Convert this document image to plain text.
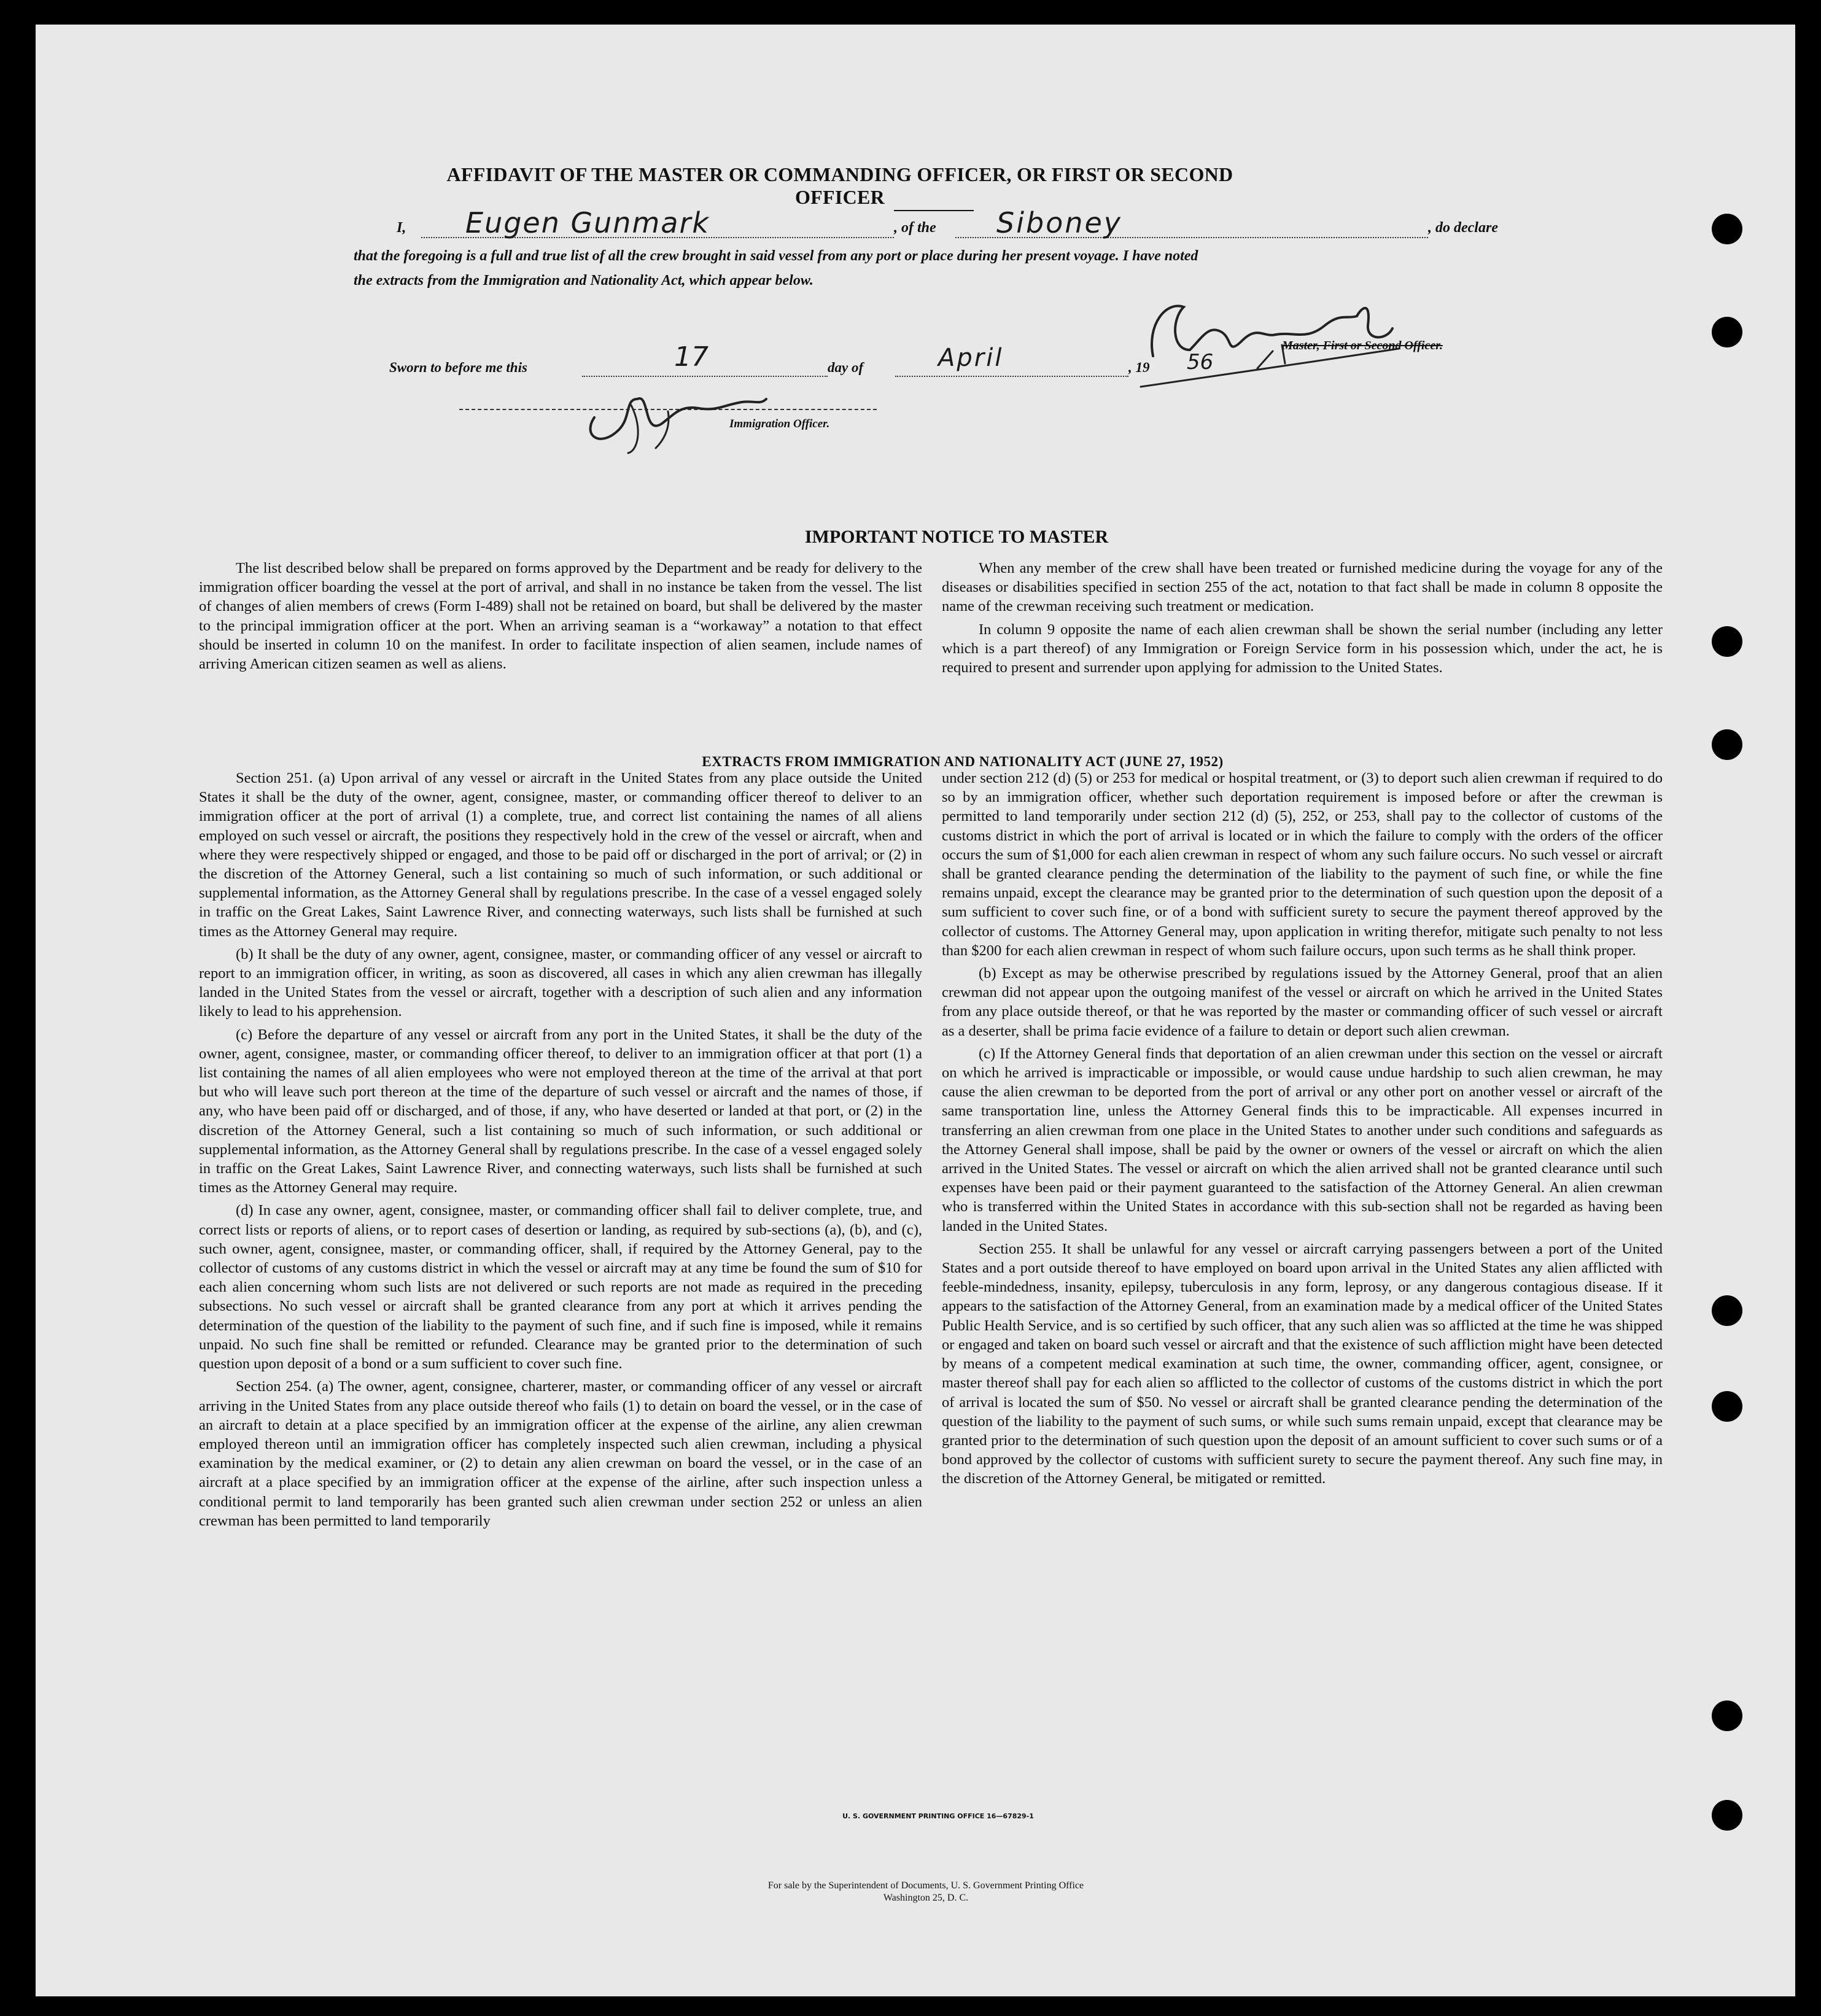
AFFIDAVIT OF THE MASTER OR COMMANDING OFFICER, OR FIRST OR SECOND OFFICER
I, Eugen Gunmark	, of the Siboney	, do declare
that the foregoing is a full and true list of all the crew brought in said vessel from any port or place during her present voyage. I have noted
the extracts from the Immigration and Nationality Act, which appear below.
Master, First or Second Officer.
Sworn to before me this	17	day of	April	, 19 56
Immigration Officer.
IMPORTANT NOTICE TO MASTER

The list described below shall be prepared on forms approved by the Department and be ready for delivery to the immigration officer boarding the vessel at the port of arrival, and shall in no instance be taken from the vessel. The list of changes of alien members of crews (Form I-489) shall not be retained on board, but shall be delivered by the master to the principal immigration officer at the port. When an arriving seaman is a “workaway” a notation to that effect should be inserted in column 10 on the manifest. In order to facilitate inspection of alien seamen, include names of arriving American citizen seamen as well as aliens.

When any member of the crew shall have been treated or furnished medicine during the voyage for any of the diseases or disabilities specified in section 255 of the act, notation to that fact shall be made in column 8 opposite the name of the crewman receiving such treatment or medication.

In column 9 opposite the name of each alien crewman shall be shown the serial number (including any letter which is a part thereof) of any Immigration or Foreign Service form in his possession which, under the act, he is required to present and surrender upon applying for admission to the United States.

EXTRACTS FROM IMMIGRATION AND NATIONALITY ACT (JUNE 27, 1952)

Section 251. (a) Upon arrival of any vessel or aircraft in the United States from any place outside the United States it shall be the duty of the owner, agent, consignee, master, or commanding officer thereof to deliver to an immigration officer at the port of arrival (1) a complete, true, and correct list containing the names of all aliens employed on such vessel or aircraft, the positions they respectively hold in the crew of the vessel or aircraft, when and where they were respectively shipped or engaged, and those to be paid off or discharged in the port of arrival; or (2) in the discretion of the Attorney General, such a list containing so much of such information, or such additional or supplemental information, as the Attorney General shall by regulations prescribe. In the case of a vessel engaged solely in traffic on the Great Lakes, Saint Lawrence River, and connecting waterways, such lists shall be furnished at such times as the Attorney General may require.

(b) It shall be the duty of any owner, agent, consignee, master, or commanding officer of any vessel or aircraft to report to an immigration officer, in writing, as soon as discovered, all cases in which any alien crewman has illegally landed in the United States from the vessel or aircraft, together with a description of such alien and any information likely to lead to his apprehension.

(c) Before the departure of any vessel or aircraft from any port in the United States, it shall be the duty of the owner, agent, consignee, master, or commanding officer thereof, to deliver to an immigration officer at that port (1) a list containing the names of all alien employees who were not employed thereon at the time of the arrival at that port but who will leave such port thereon at the time of the departure of such vessel or aircraft and the names of those, if any, who have been paid off or discharged, and of those, if any, who have deserted or landed at that port, or (2) in the discretion of the Attorney General, such a list containing so much of such information, or such additional or supplemental information, as the Attorney General shall by regulations prescribe. In the case of a vessel engaged solely in traffic on the Great Lakes, Saint Lawrence River, and connecting waterways, such lists shall be furnished at such times as the Attorney General may require.

(d) In case any owner, agent, consignee, master, or commanding officer shall fail to deliver complete, true, and correct lists or reports of aliens, or to report cases of desertion or landing, as required by sub-sections (a), (b), and (c), such owner, agent, consignee, master, or commanding officer, shall, if required by the Attorney General, pay to the collector of customs of any customs district in which the vessel or aircraft may at any time be found the sum of $10 for each alien concerning whom such lists are not delivered or such reports are not made as required in the preceding subsections. No such vessel or aircraft shall be granted clearance from any port at which it arrives pending the determination of the question of the liability to the payment of such fine, and if such fine is imposed, while it remains unpaid. No such fine shall be remitted or refunded. Clearance may be granted prior to the determination of such question upon deposit of a bond or a sum sufficient to cover such fine.

Section 254. (a) The owner, agent, consignee, charterer, master, or commanding officer of any vessel or aircraft arriving in the United States from any place outside thereof who fails (1) to detain on board the vessel, or in the case of an aircraft to detain at a place specified by an immigration officer at the expense of the airline, any alien crewman employed thereon until an immigration officer has completely inspected such alien crewman, including a physical examination by the medical examiner, or (2) to detain any alien crewman on board the vessel, or in the case of an aircraft at a place specified by an immigration officer at the expense of the airline, after such inspection unless a conditional permit to land temporarily has been granted such alien crewman under section 252 or unless an alien crewman has been permitted to land temporarily

under section 212 (d) (5) or 253 for medical or hospital treatment, or (3) to deport such alien crewman if required to do so by an immigration officer, whether such deportation requirement is imposed before or after the crewman is permitted to land temporarily under section 212 (d) (5), 252, or 253, shall pay to the collector of customs of the customs district in which the port of arrival is located or in which the failure to comply with the orders of the officer occurs the sum of $1,000 for each alien crewman in respect of whom any such failure occurs. No such vessel or aircraft shall be granted clearance pending the determination of the liability to the payment of such fine, or while the fine remains unpaid, except the clearance may be granted prior to the determination of such question upon the deposit of a sum sufficient to cover such fine, or of a bond with sufficient surety to secure the payment thereof approved by the collector of customs. The Attorney General may, upon application in writing therefor, mitigate such penalty to not less than $200 for each alien crewman in respect of whom such failure occurs, upon such terms as he shall think proper.

(b) Except as may be otherwise prescribed by regulations issued by the Attorney General, proof that an alien crewman did not appear upon the outgoing manifest of the vessel or aircraft on which he arrived in the United States from any place outside thereof, or that he was reported by the master or commanding officer of such vessel or aircraft as a deserter, shall be prima facie evidence of a failure to detain or deport such alien crewman.

(c) If the Attorney General finds that deportation of an alien crewman under this section on the vessel or aircraft on which he arrived is impracticable or impossible, or would cause undue hardship to such alien crewman, he may cause the alien crewman to be deported from the port of arrival or any other port on another vessel or aircraft of the same transportation line, unless the Attorney General finds this to be impracticable. All expenses incurred in transferring an alien crewman from one place in the United States to another under such conditions and safeguards as the Attorney General shall impose, shall be paid by the owner or owners of the vessel or aircraft on which the alien arrived in the United States. The vessel or aircraft on which the alien arrived shall not be granted clearance until such expenses have been paid or their payment guaranteed to the satisfaction of the Attorney General. An alien crewman who is transferred within the United States in accordance with this sub-section shall not be regarded as having been landed in the United States.

Section 255. It shall be unlawful for any vessel or aircraft carrying passengers between a port of the United States and a port outside thereof to have employed on board upon arrival in the United States any alien afflicted with feeble-mindedness, insanity, epilepsy, tuberculosis in any form, leprosy, or any dangerous contagious disease. If it appears to the satisfaction of the Attorney General, from an examination made by a medical officer of the United States Public Health Service, and is so certified by such officer, that any such alien was so afflicted at the time he was shipped or engaged and taken on board such vessel or aircraft and that the existence of such affliction might have been detected by means of a competent medical examination at such time, the owner, commanding officer, agent, consignee, or master thereof shall pay for each alien so afflicted to the collector of customs of the customs district in which the port of arrival is located the sum of $50. No vessel or aircraft shall be granted clearance pending the determination of the question of the liability to the payment of such sums, or while such sums remain unpaid, except that clearance may be granted prior to the determination of such question upon the deposit of an amount sufficient to cover such sums or of a bond approved by the collector of customs with sufficient surety to secure the payment thereof. Any such fine may, in the discretion of the Attorney General, be mitigated or remitted.

U. S. GOVERNMENT PRINTING OFFICE 16—67829-1
For sale by the Superintendent of Documents, U. S. Government Printing Office
Washington 25, D. C.
